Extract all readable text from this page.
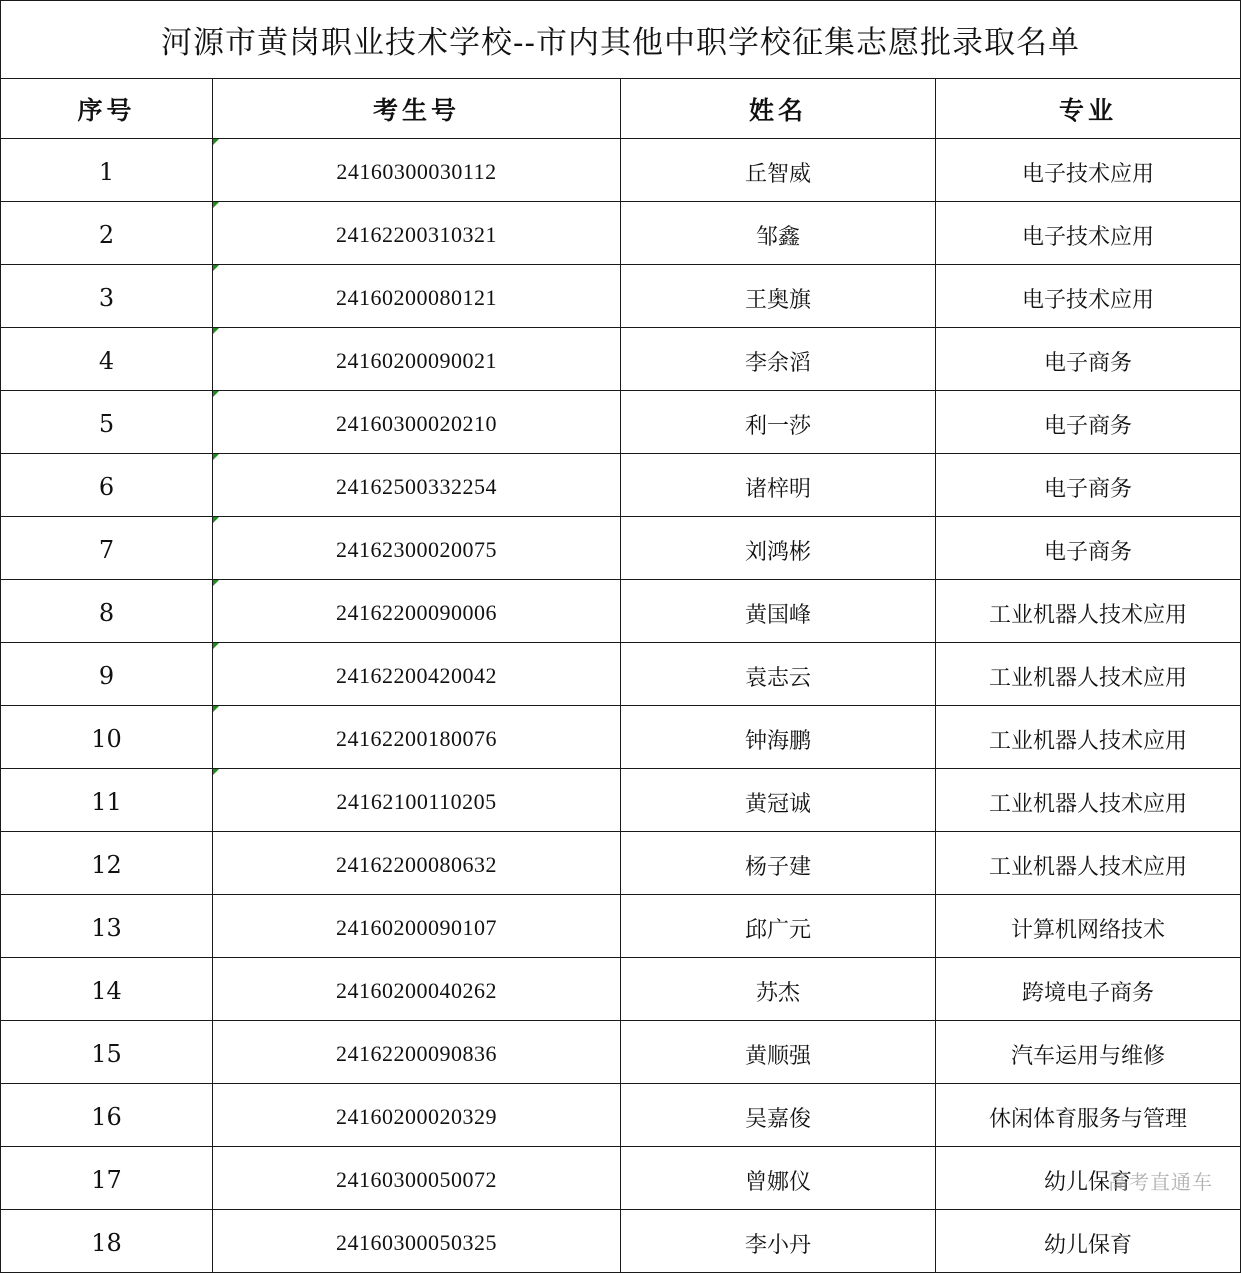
河源市黄岗职业技术学校--市内其他中职学校征集志愿批录取名单			
序号	考生号	姓名	专业
1	24160300030112	丘智威	电子技术应用
2	24162200310321	邹鑫	电子技术应用
3	24160200080121	王奥旗	电子技术应用
4	24160200090021	李余滔	电子商务
5	24160300020210	利一莎	电子商务
6	24162500332254	诸梓明	电子商务
7	24162300020075	刘鸿彬	电子商务
8	24162200090006	黄国峰	工业机器人技术应用
9	24162200420042	袁志云	工业机器人技术应用
10	24162200180076	钟海鹏	工业机器人技术应用
11	24162100110205	黄冠诚	工业机器人技术应用
12	24162200080632	杨子建	工业机器人技术应用
13	24160200090107	邱广元	计算机网络技术
14	24160200040262	苏杰	跨境电子商务
15	24162200090836	黄顺强	汽车运用与维修
16	24160200020329	吴嘉俊	休闲体育服务与管理
17	24160300050072	曾娜仪	幼儿保育
18	24160300050325	李小丹	幼儿保育
高考直通车
